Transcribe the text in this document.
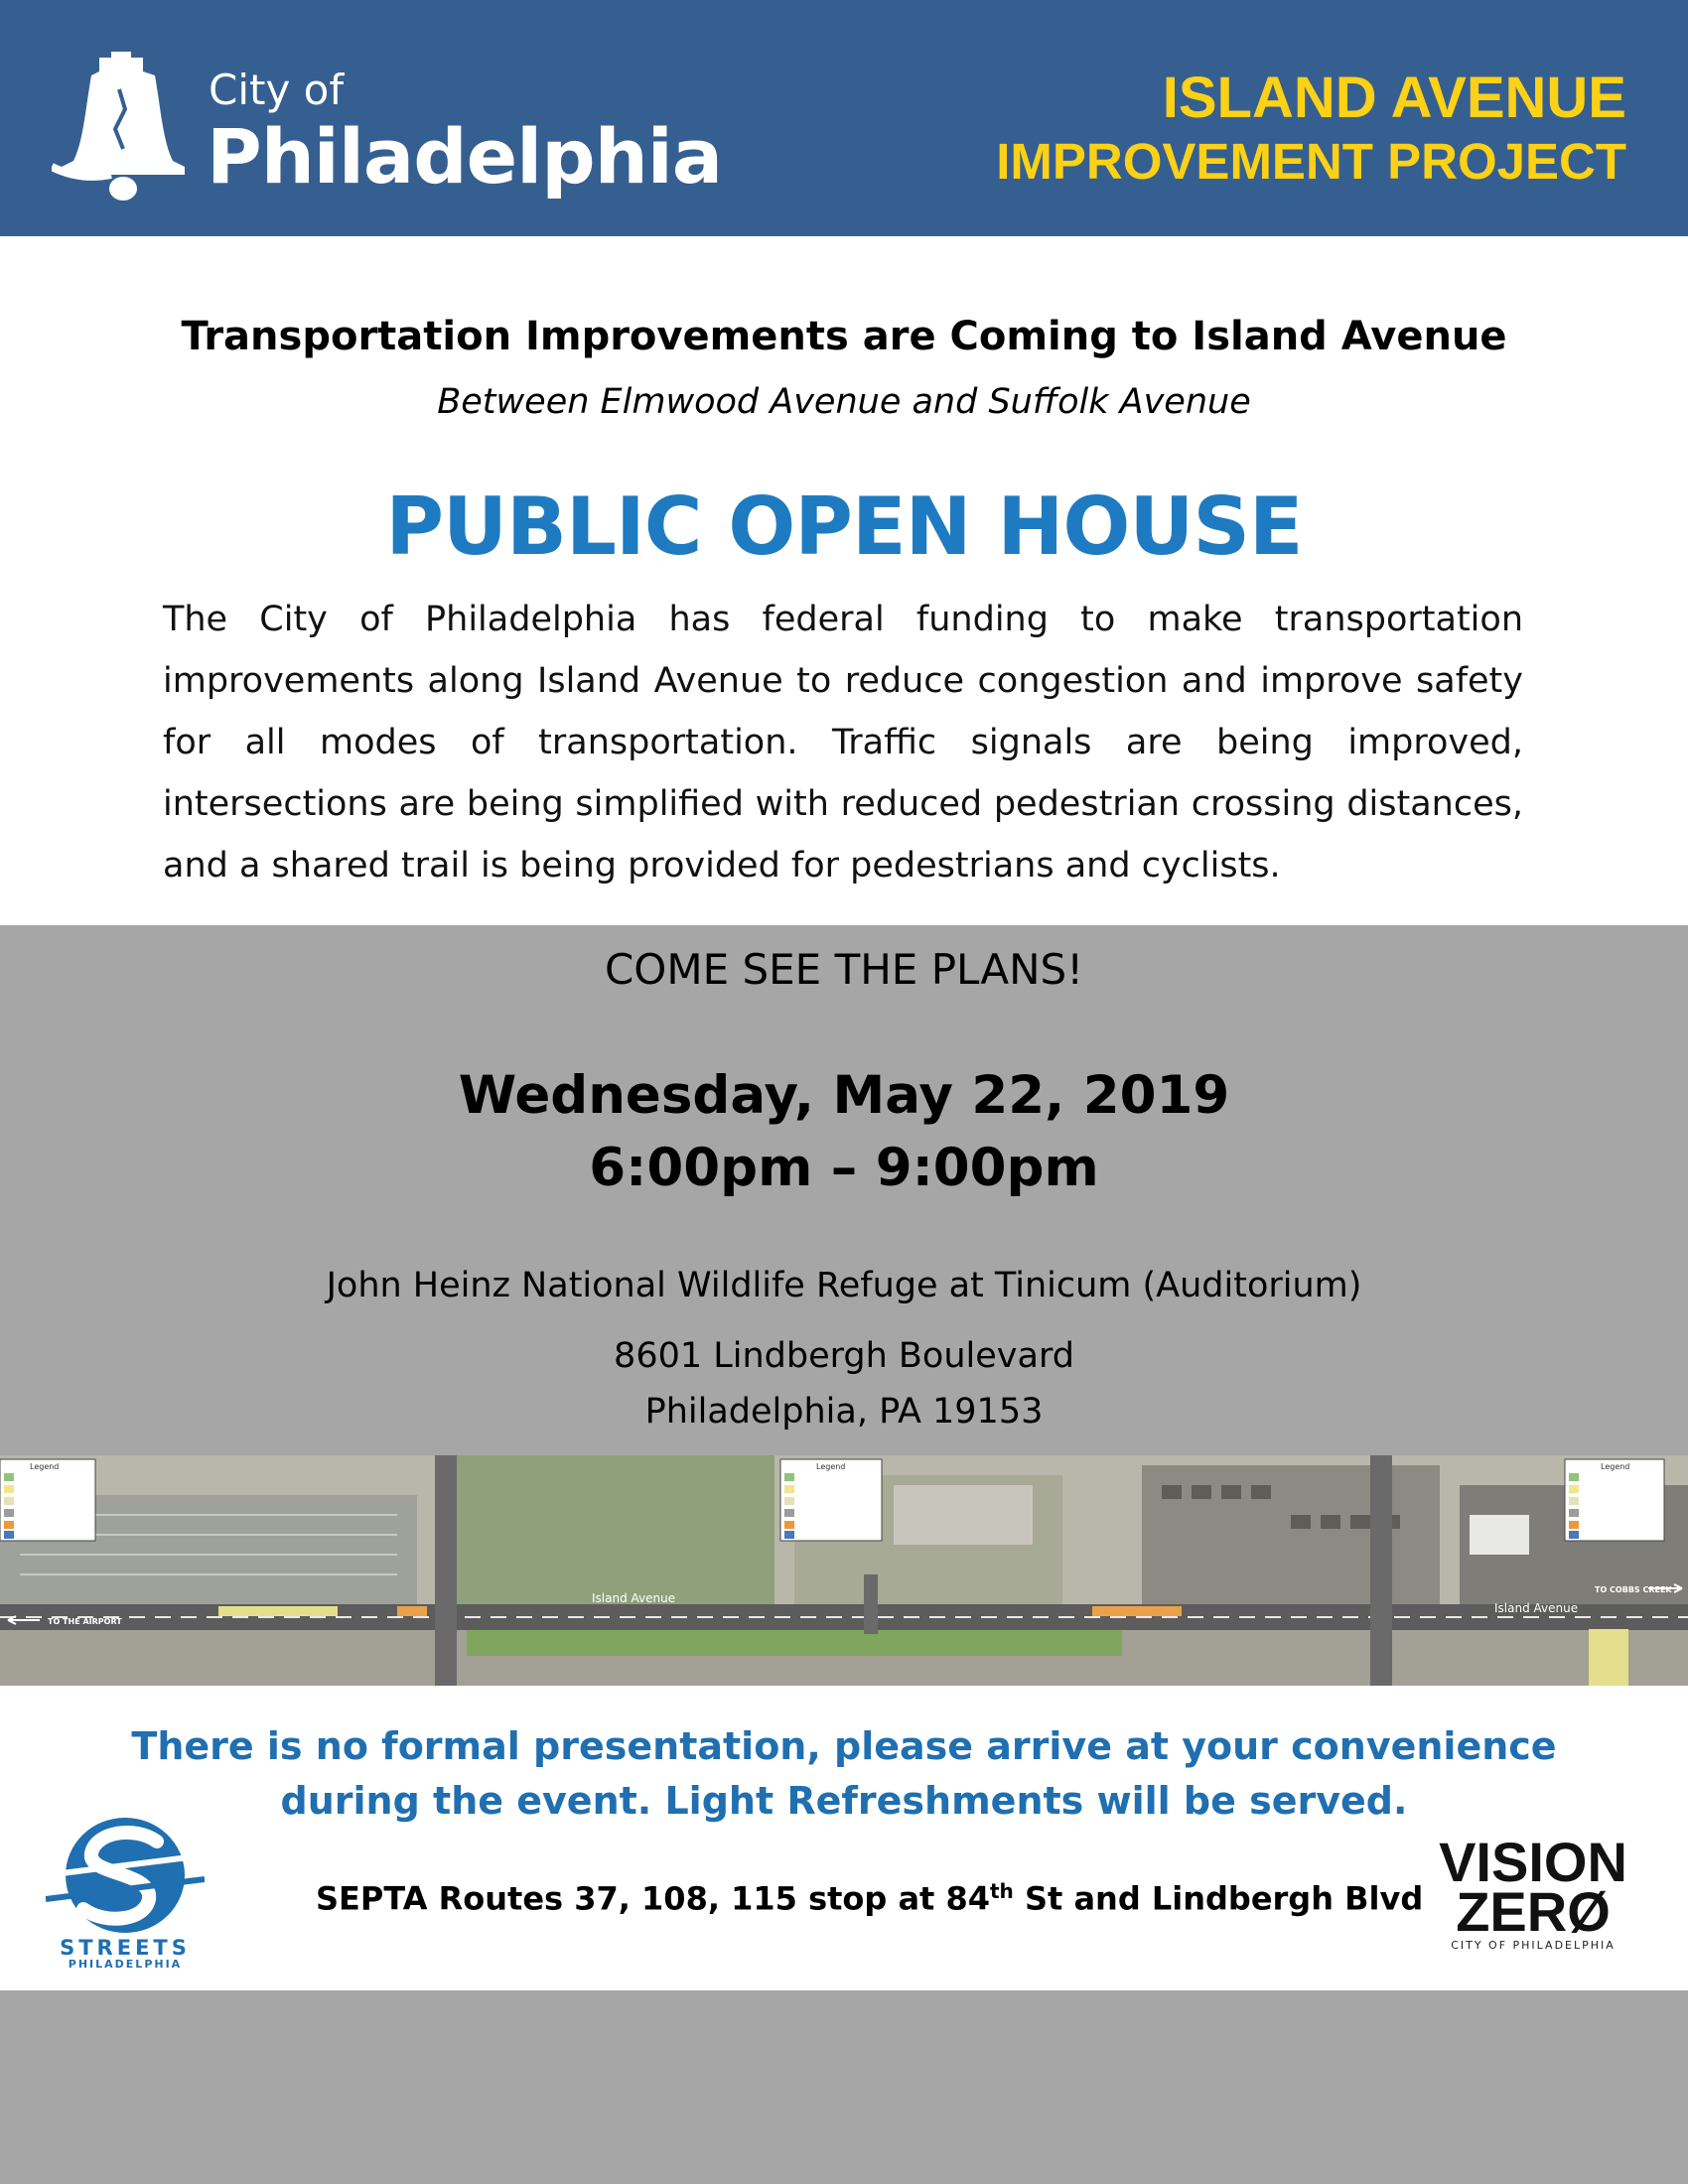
City of
Philadelphia
ISLAND AVENUE
IMPROVEMENT PROJECT
Transportation Improvements are Coming to Island Avenue
Between Elmwood Avenue and Suffolk Avenue
PUBLIC OPEN HOUSE
The City of Philadelphia has federal funding to make transportation improvements along Island Avenue to reduce congestion and improve safety for all modes of transportation. Traffic signals are being improved, intersections are being simplified with reduced pedestrian crossing distances, and a shared trail is being provided for pedestrians and cyclists.
COME SEE THE PLANS!
Wednesday, May 22, 2019
6:00pm – 9:00pm
John Heinz National Wildlife Refuge at Tinicum (Auditorium)
8601 Lindbergh Boulevard
Philadelphia, PA 19153
Legend	Legend	Legend
Island Avenue
Island Avenue
TO THE AIRPORT
TO COBBS CREEK
There is no formal presentation, please arrive at your convenience
during the event. Light Refreshments will be served.
STREETS
PHILADELPHIA
SEPTA Routes 37, 108, 115 stop at 84th St and Lindbergh Blvd
VISION
ZERØ
CITY OF PHILADELPHIA
